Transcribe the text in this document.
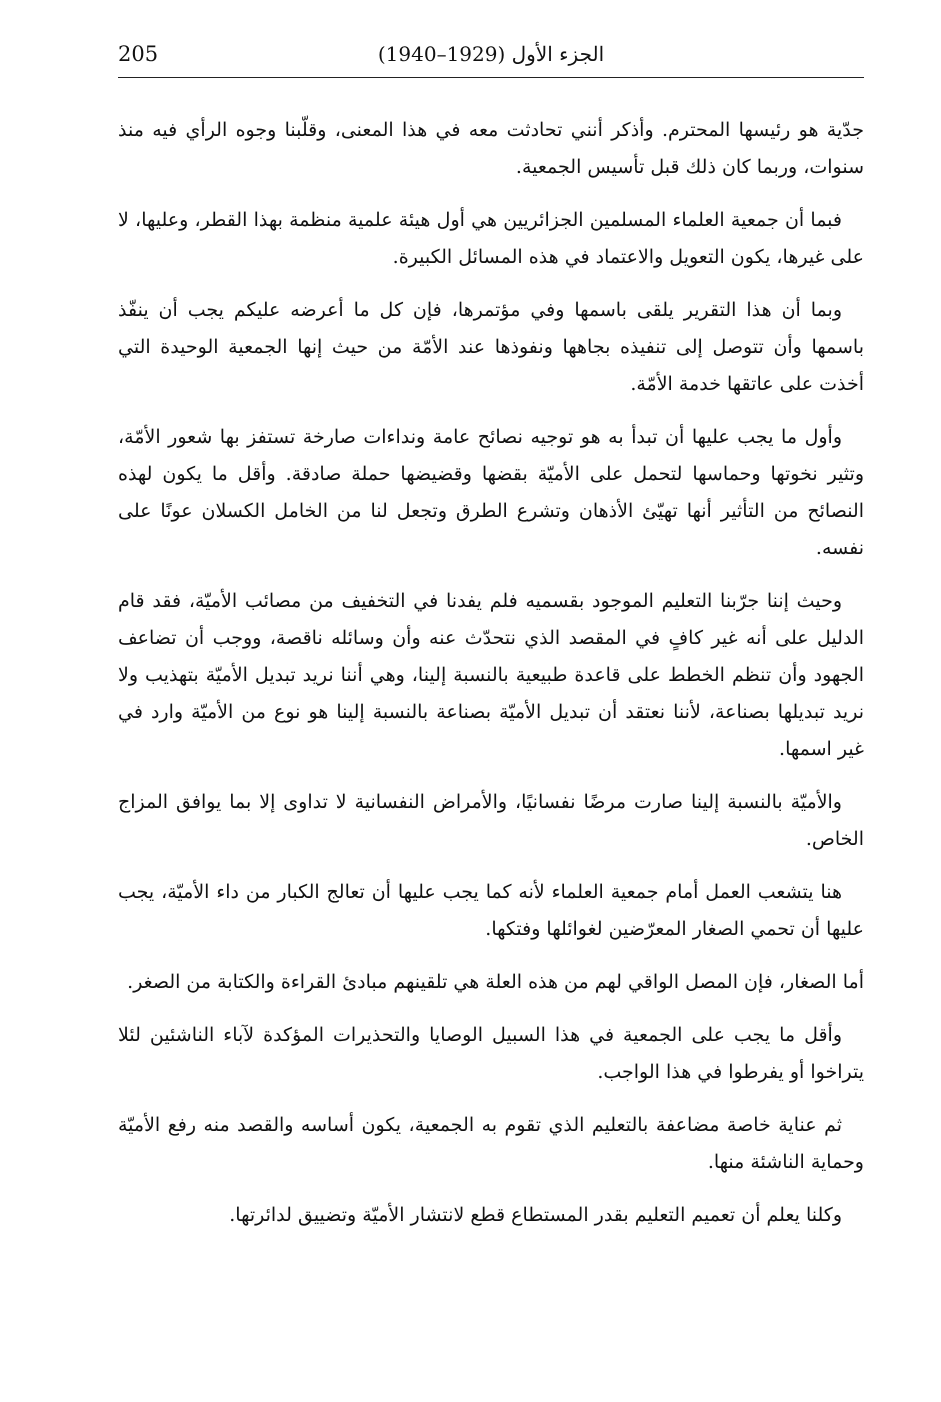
205	الجزء الأول (1929–1940)

جدّية هو رئيسها المحترم. وأذكر أنني تحادثت معه في هذا المعنى، وقلّبنا وجوه الرأي فيه منذ سنوات، وربما كان ذلك قبل تأسيس الجمعية.

فبما أن جمعية العلماء المسلمين الجزائريين هي أول هيئة علمية منظمة بهذا القطر، وعليها، لا على غيرها، يكون التعويل والاعتماد في هذه المسائل الكبيرة.

وبما أن هذا التقرير يلقى باسمها وفي مؤتمرها، فإن كل ما أعرضه عليكم يجب أن ينفّذ باسمها وأن تتوصل إلى تنفيذه بجاهها ونفوذها عند الأمّة من حيث إنها الجمعية الوحيدة التي أخذت على عاتقها خدمة الأمّة.

وأول ما يجب عليها أن تبدأ به هو توجيه نصائح عامة ونداءات صارخة تستفز بها شعور الأمّة، وتثير نخوتها وحماسها لتحمل على الأميّة بقضها وقضيضها حملة صادقة. وأقل ما يكون لهذه النصائح من التأثير أنها تهيّئ الأذهان وتشرع الطرق وتجعل لنا من الخامل الكسلان عونًا على نفسه.

وحيث إننا جرّبنا التعليم الموجود بقسميه فلم يفدنا في التخفيف من مصائب الأميّة، فقد قام الدليل على أنه غير كافٍ في المقصد الذي نتحدّث عنه وأن وسائله ناقصة، ووجب أن تضاعف الجهود وأن تنظم الخطط على قاعدة طبيعية بالنسبة إلينا، وهي أننا نريد تبديل الأميّة بتهذيب ولا نريد تبديلها بصناعة، لأننا نعتقد أن تبديل الأميّة بصناعة بالنسبة إلينا هو نوع من الأميّة وارد في غير اسمها.

والأميّة بالنسبة إلينا صارت مرضًا نفسانيًا، والأمراض النفسانية لا تداوى إلا بما يوافق المزاج الخاص.

هنا يتشعب العمل أمام جمعية العلماء لأنه كما يجب عليها أن تعالج الكبار من داء الأميّة، يجب عليها أن تحمي الصغار المعرّضين لغوائلها وفتكها.

أما الصغار، فإن المصل الواقي لهم من هذه العلة هي تلقينهم مبادئ القراءة والكتابة من الصغر.

وأقل ما يجب على الجمعية في هذا السبيل الوصايا والتحذيرات المؤكدة لآباء الناشئين لئلا يتراخوا أو يفرطوا في هذا الواجب.

ثم عناية خاصة مضاعفة بالتعليم الذي تقوم به الجمعية، يكون أساسه والقصد منه رفع الأميّة وحماية الناشئة منها.

وكلنا يعلم أن تعميم التعليم بقدر المستطاع قطع لانتشار الأميّة وتضييق لدائرتها.
